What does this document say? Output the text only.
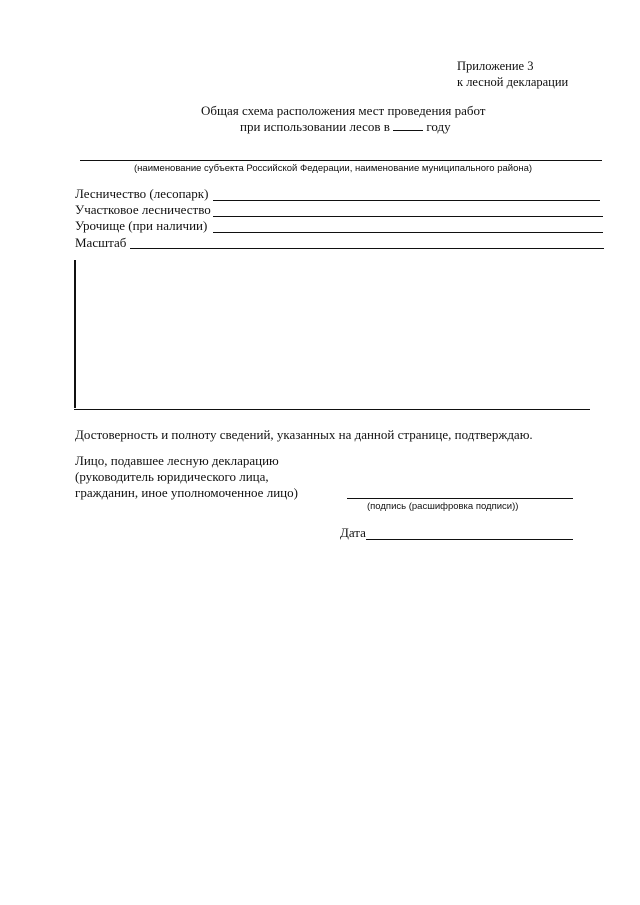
Приложение 3
к лесной декларации
Общая схема расположения мест проведения работ
при использовании лесов в	году
(наименование субъекта Российской Федерации, наименование муниципального района)
Лесничество (лесопарк)
Участковое лесничество
Урочище (при наличии)
Масштаб
Достоверность и полноту сведений, указанных на данной странице, подтверждаю.
Лицо, подавшее лесную декларацию
(руководитель юридического лица,
гражданин, иное уполномоченное лицо)
(подпись (расшифровка подписи))
Дата
